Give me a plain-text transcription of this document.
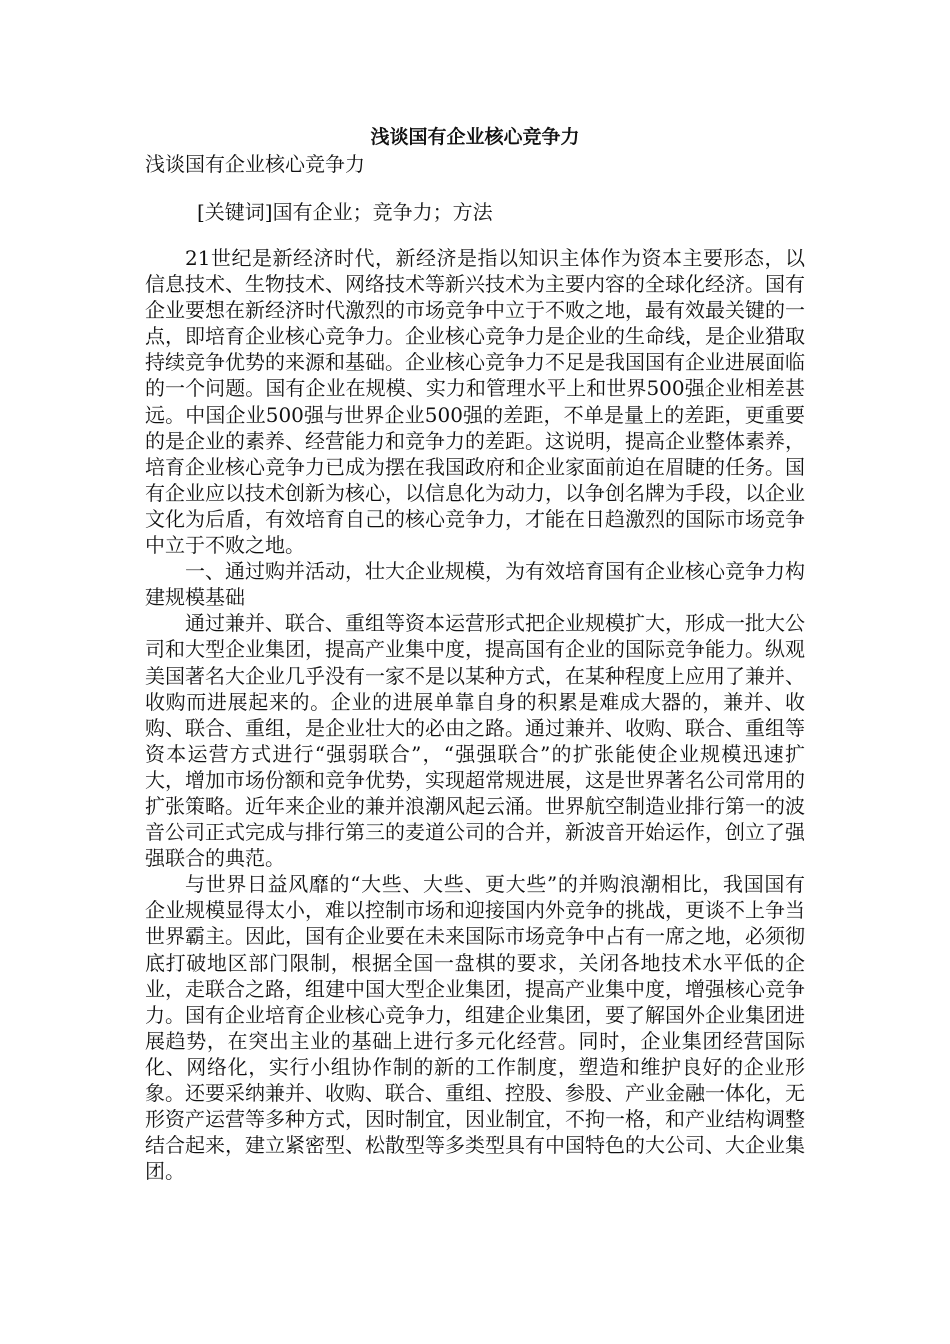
浅谈国有企业核心竞争力

浅谈国有企业核心竞争力

[关键词]国有企业；竞争力；方法

21世纪是新经济时代，新经济是指以知识主体作为资本主要形态，以信息技术、生物技术、网络技术等新兴技术为主要内容的全球化经济。国有企业要想在新经济时代激烈的市场竞争中立于不败之地，最有效最关键的一点，即培育企业核心竞争力。企业核心竞争力是企业的生命线，是企业猎取持续竞争优势的来源和基础。企业核心竞争力不足是我国国有企业进展面临的一个问题。国有企业在规模、实力和管理水平上和世界500强企业相差甚远。中国企业500强与世界企业500强的差距，不单是量上的差距，更重要的是企业的素养、经营能力和竞争力的差距。这说明，提高企业整体素养，培育企业核心竞争力已成为摆在我国政府和企业家面前迫在眉睫的任务。国有企业应以技术创新为核心，以信息化为动力，以争创名牌为手段，以企业文化为后盾，有效培育自己的核心竞争力，才能在日趋激烈的国际市场竞争中立于不败之地。

一、通过购并活动，壮大企业规模，为有效培育国有企业核心竞争力构建规模基础

通过兼并、联合、重组等资本运营形式把企业规模扩大，形成一批大公司和大型企业集团，提高产业集中度，提高国有企业的国际竞争能力。纵观美国著名大企业几乎没有一家不是以某种方式，在某种程度上应用了兼并、收购而进展起来的。企业的进展单靠自身的积累是难成大器的，兼并、收购、联合、重组，是企业壮大的必由之路。通过兼并、收购、联合、重组等资本运营方式进行“强弱联合”，“强强联合”的扩张能使企业规模迅速扩大，增加市场份额和竞争优势，实现超常规进展，这是世界著名公司常用的扩张策略。近年来企业的兼并浪潮风起云涌。世界航空制造业排行第一的波音公司正式完成与排行第三的麦道公司的合并，新波音开始运作，创立了强强联合的典范。

与世界日益风靡的“大些、大些、更大些”的并购浪潮相比，我国国有企业规模显得太小，难以控制市场和迎接国内外竞争的挑战，更谈不上争当世界霸主。因此，国有企业要在未来国际市场竞争中占有一席之地，必须彻底打破地区部门限制，根据全国一盘棋的要求，关闭各地技术水平低的企业，走联合之路，组建中国大型企业集团，提高产业集中度，增强核心竞争力。国有企业培育企业核心竞争力，组建企业集团，要了解国外企业集团进展趋势，在突出主业的基础上进行多元化经营。同时，企业集团经营国际化、网络化，实行小组协作制的新的工作制度，塑造和维护良好的企业形象。还要采纳兼并、收购、联合、重组、控股、参股、产业金融一体化，无形资产运营等多种方式，因时制宜，因业制宜，不拘一格，和产业结构调整结合起来，建立紧密型、松散型等多类型具有中国特色的大公司、大企业集团。
